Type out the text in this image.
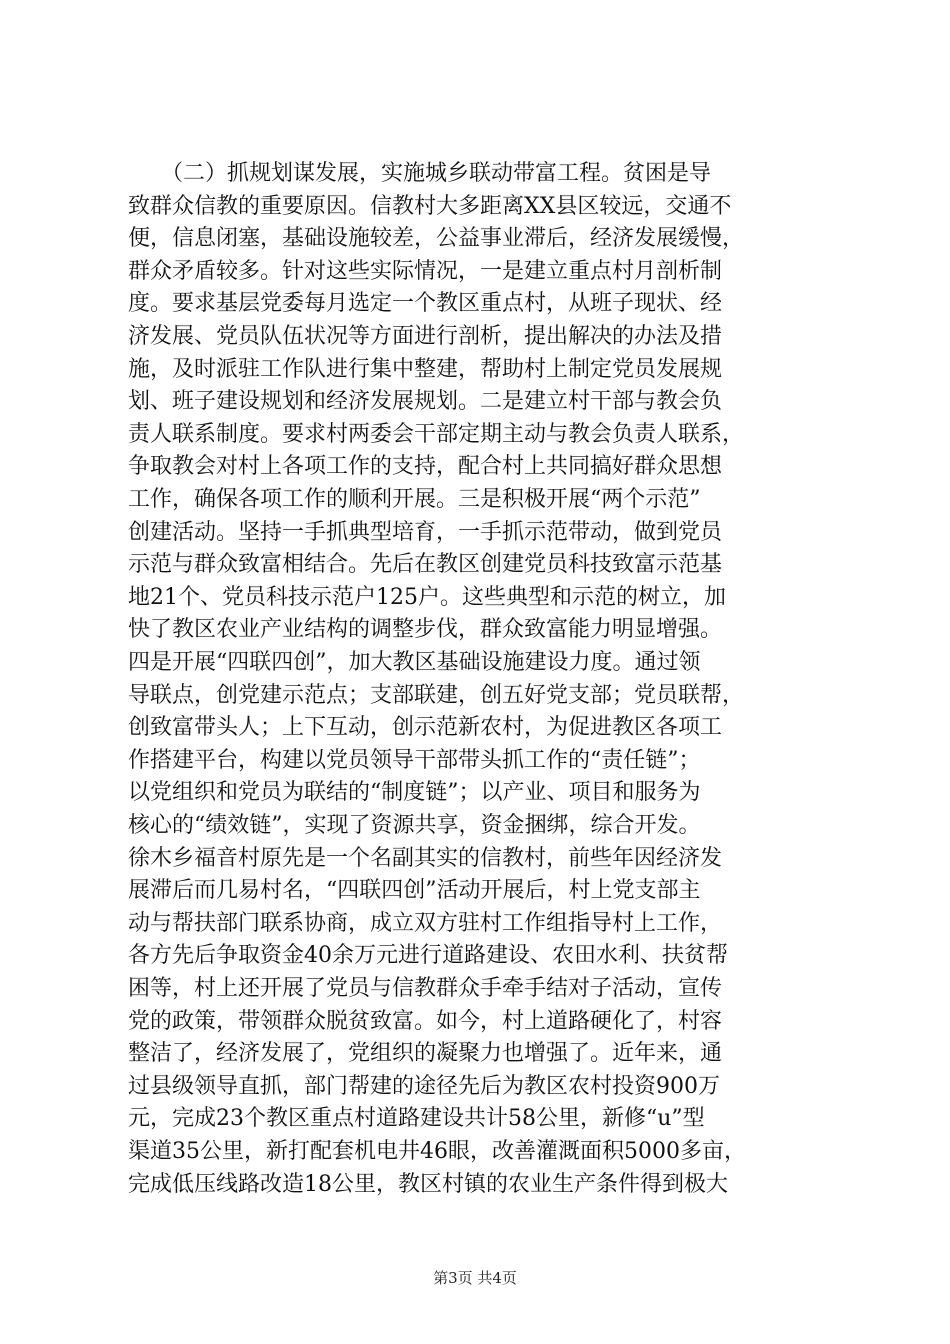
　　（二）抓规划谋发展，实施城乡联动带富工程。贫困是导
致群众信教的重要原因。信教村大多距离XX县区较远，交通不
便，信息闭塞，基础设施较差，公益事业滞后，经济发展缓慢，
群众矛盾较多。针对这些实际情况，一是建立重点村月剖析制
度。要求基层党委每月选定一个教区重点村，从班子现状、经
济发展、党员队伍状况等方面进行剖析，提出解决的办法及措
施，及时派驻工作队进行集中整建，帮助村上制定党员发展规
划、班子建设规划和经济发展规划。二是建立村干部与教会负
责人联系制度。要求村两委会干部定期主动与教会负责人联系，
争取教会对村上各项工作的支持，配合村上共同搞好群众思想
工作，确保各项工作的顺利开展。三是积极开展“两个示范”
创建活动。坚持一手抓典型培育，一手抓示范带动，做到党员
示范与群众致富相结合。先后在教区创建党员科技致富示范基
地21个、党员科技示范户125户。这些典型和示范的树立，加
快了教区农业产业结构的调整步伐，群众致富能力明显增强。
四是开展“四联四创”，加大教区基础设施建设力度。通过领
导联点，创党建示范点；支部联建，创五好党支部；党员联帮，
创致富带头人；上下互动，创示范新农村，为促进教区各项工
作搭建平台，构建以党员领导干部带头抓工作的“责任链”；
以党组织和党员为联结的“制度链”；以产业、项目和服务为
核心的“绩效链”，实现了资源共享，资金捆绑，综合开发。
徐木乡福音村原先是一个名副其实的信教村，前些年因经济发
展滞后而几易村名，“四联四创”活动开展后，村上党支部主
动与帮扶部门联系协商，成立双方驻村工作组指导村上工作，
各方先后争取资金40余万元进行道路建设、农田水利、扶贫帮
困等，村上还开展了党员与信教群众手牵手结对子活动，宣传
党的政策，带领群众脱贫致富。如今，村上道路硬化了，村容
整洁了，经济发展了，党组织的凝聚力也增强了。近年来，通
过县级领导直抓，部门帮建的途径先后为教区农村投资900万
元，完成23个教区重点村道路建设共计58公里，新修“u”型
渠道35公里，新打配套机电井46眼，改善灌溉面积5000多亩，
完成低压线路改造18公里，教区村镇的农业生产条件得到极大
第3页 共4页
